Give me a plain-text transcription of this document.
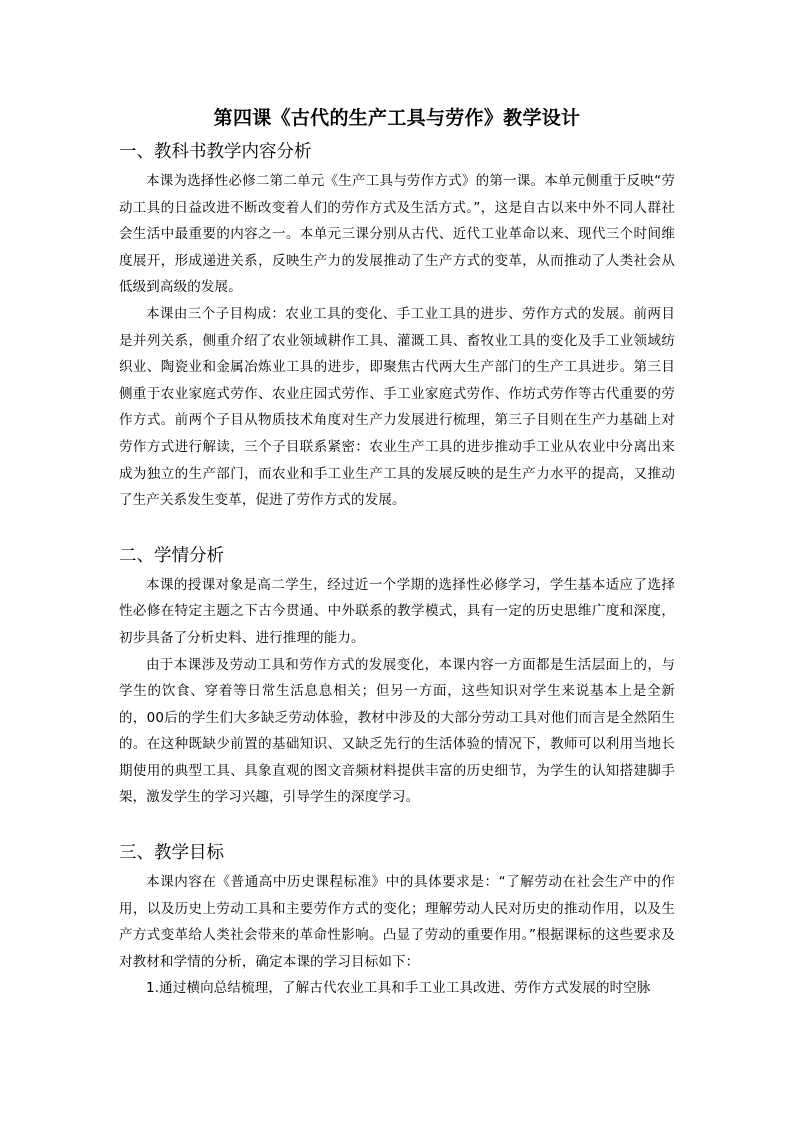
第四课《古代的生产工具与劳作》教学设计
一、教科书教学内容分析

本课为选择性必修二第二单元《生产工具与劳作方式》的第一课。本单元侧重于反映“劳动工具的日益改进不断改变着人们的劳作方式及生活方式。”，这是自古以来中外不同人群社会生活中最重要的内容之一。本单元三课分别从古代、近代工业革命以来、现代三个时间维度展开，形成递进关系，反映生产力的发展推动了生产方式的变革，从而推动了人类社会从低级到高级的发展。

本课由三个子目构成：农业工具的变化、手工业工具的进步、劳作方式的发展。前两目是并列关系，侧重介绍了农业领域耕作工具、灌溉工具、畜牧业工具的变化及手工业领域纺织业、陶瓷业和金属冶炼业工具的进步，即聚焦古代两大生产部门的生产工具进步。第三目侧重于农业家庭式劳作、农业庄园式劳作、手工业家庭式劳作、作坊式劳作等古代重要的劳作方式。前两个子目从物质技术角度对生产力发展进行梳理，第三子目则在生产力基础上对劳作方式进行解读，三个子目联系紧密：农业生产工具的进步推动手工业从农业中分离出来成为独立的生产部门，而农业和手工业生产工具的发展反映的是生产力水平的提高，又推动了生产关系发生变革，促进了劳作方式的发展。

二、学情分析

本课的授课对象是高二学生，经过近一个学期的选择性必修学习，学生基本适应了选择性必修在特定主题之下古今贯通、中外联系的教学模式，具有一定的历史思维广度和深度，初步具备了分析史料、进行推理的能力。

由于本课涉及劳动工具和劳作方式的发展变化，本课内容一方面都是生活层面上的，与学生的饮食、穿着等日常生活息息相关；但另一方面，这些知识对学生来说基本上是全新的，00后的学生们大多缺乏劳动体验，教材中涉及的大部分劳动工具对他们而言是全然陌生的。在这种既缺少前置的基础知识、又缺乏先行的生活体验的情况下，教师可以利用当地长期使用的典型工具、具象直观的图文音频材料提供丰富的历史细节，为学生的认知搭建脚手架，激发学生的学习兴趣，引导学生的深度学习。

三、教学目标

本课内容在《普通高中历史课程标准》中的具体要求是：“了解劳动在社会生产中的作用，以及历史上劳动工具和主要劳作方式的变化；理解劳动人民对历史的推动作用，以及生产方式变革给人类社会带来的革命性影响。凸显了劳动的重要作用。”根据课标的这些要求及对教材和学情的分析，确定本课的学习目标如下：

1.通过横向总结梳理，了解古代农业工具和手工业工具改进、劳作方式发展的时空脉
